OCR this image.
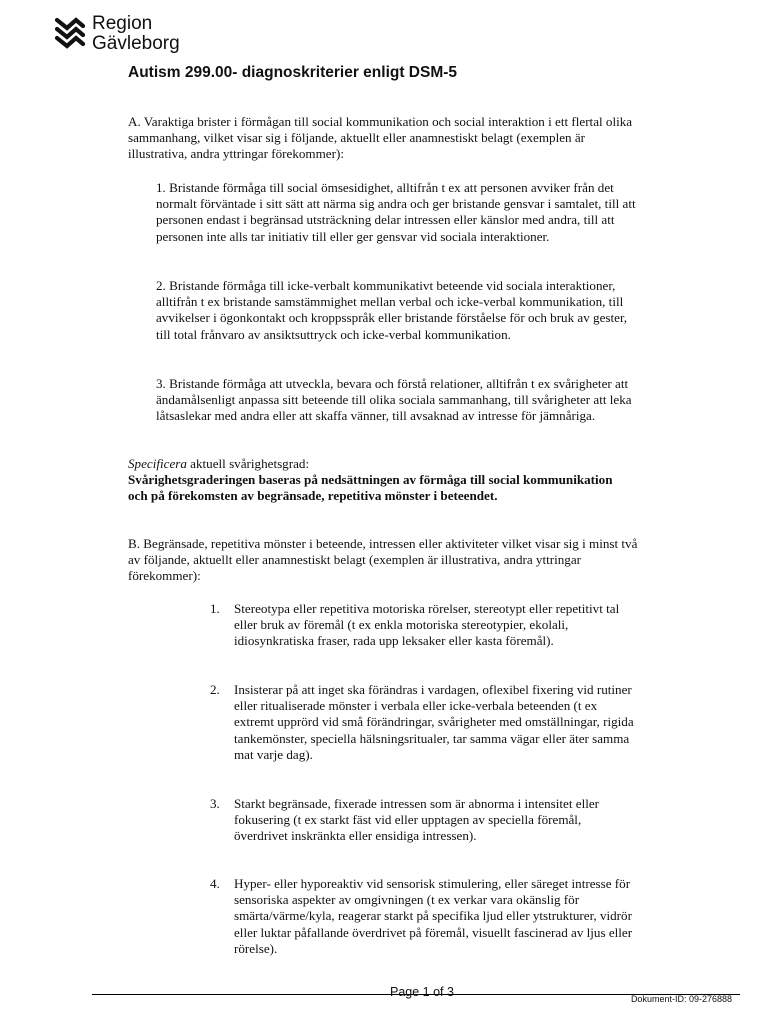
Region
Gävleborg
Autism 299.00- diagnoskriterier enligt DSM-5
A. Varaktiga brister i förmågan till social kommunikation och social interaktion i ett flertal olika sammanhang, vilket visar sig i följande, aktuellt eller anamnestiskt belagt (exemplen är illustrativa, andra yttringar förekommer):
1. Bristande förmåga till social ömsesidighet, alltifrån t ex att personen avviker från det normalt förväntade i sitt sätt att närma sig andra och ger bristande gensvar i samtalet, till att personen endast i begränsad utsträckning delar intressen eller känslor med andra, till att personen inte alls tar initiativ till eller ger gensvar vid sociala interaktioner.
2. Bristande förmåga till icke-verbalt kommunikativt beteende vid sociala interaktioner, alltifrån t ex bristande samstämmighet mellan verbal och icke-verbal kommunikation, till avvikelser i ögonkontakt och kroppsspråk eller bristande förståelse för och bruk av gester, till total frånvaro av ansiktsuttryck och icke-verbal kommunikation.
3. Bristande förmåga att utveckla, bevara och förstå relationer, alltifrån t ex svårigheter att ändamålsenligt anpassa sitt beteende till olika sociala sammanhang, till svårigheter att leka låtsaslekar med andra eller att skaffa vänner, till avsaknad av intresse för jämnåriga.
Specificera aktuell svårighetsgrad:
Svårighetsgraderingen baseras på nedsättningen av förmåga till social kommunikation och på förekomsten av begränsade, repetitiva mönster i beteendet.
B. Begränsade, repetitiva mönster i beteende, intressen eller aktiviteter vilket visar sig i minst två av följande, aktuellt eller anamnestiskt belagt (exemplen är illustrativa, andra yttringar förekommer):
1. Stereotypa eller repetitiva motoriska rörelser, stereotypt eller repetitivt tal eller bruk av föremål (t ex enkla motoriska stereotypier, ekolali, idiosynkratiska fraser, rada upp leksaker eller kasta föremål).
2. Insisterar på att inget ska förändras i vardagen, oflexibel fixering vid rutiner eller ritualiserade mönster i verbala eller icke-verbala beteenden (t ex extremt upprörd vid små förändringar, svårigheter med omställningar, rigida tankemönster, speciella hälsningsritualer, tar samma vägar eller äter samma mat varje dag).
3. Starkt begränsade, fixerade intressen som är abnorma i intensitet eller fokusering (t ex starkt fäst vid eller upptagen av speciella föremål, överdrivet inskränkta eller ensidiga intressen).
4. Hyper- eller hyporeaktiv vid sensorisk stimulering, eller säreget intresse för sensoriska aspekter av omgivningen (t ex verkar vara okänslig för smärta/värme/kyla, reagerar starkt på specifika ljud eller ytstrukturer, vidrör eller luktar påfallande överdrivet på föremål, visuellt fascinerad av ljus eller rörelse).
Page 1 of 3	Dokument-ID: 09-276888
